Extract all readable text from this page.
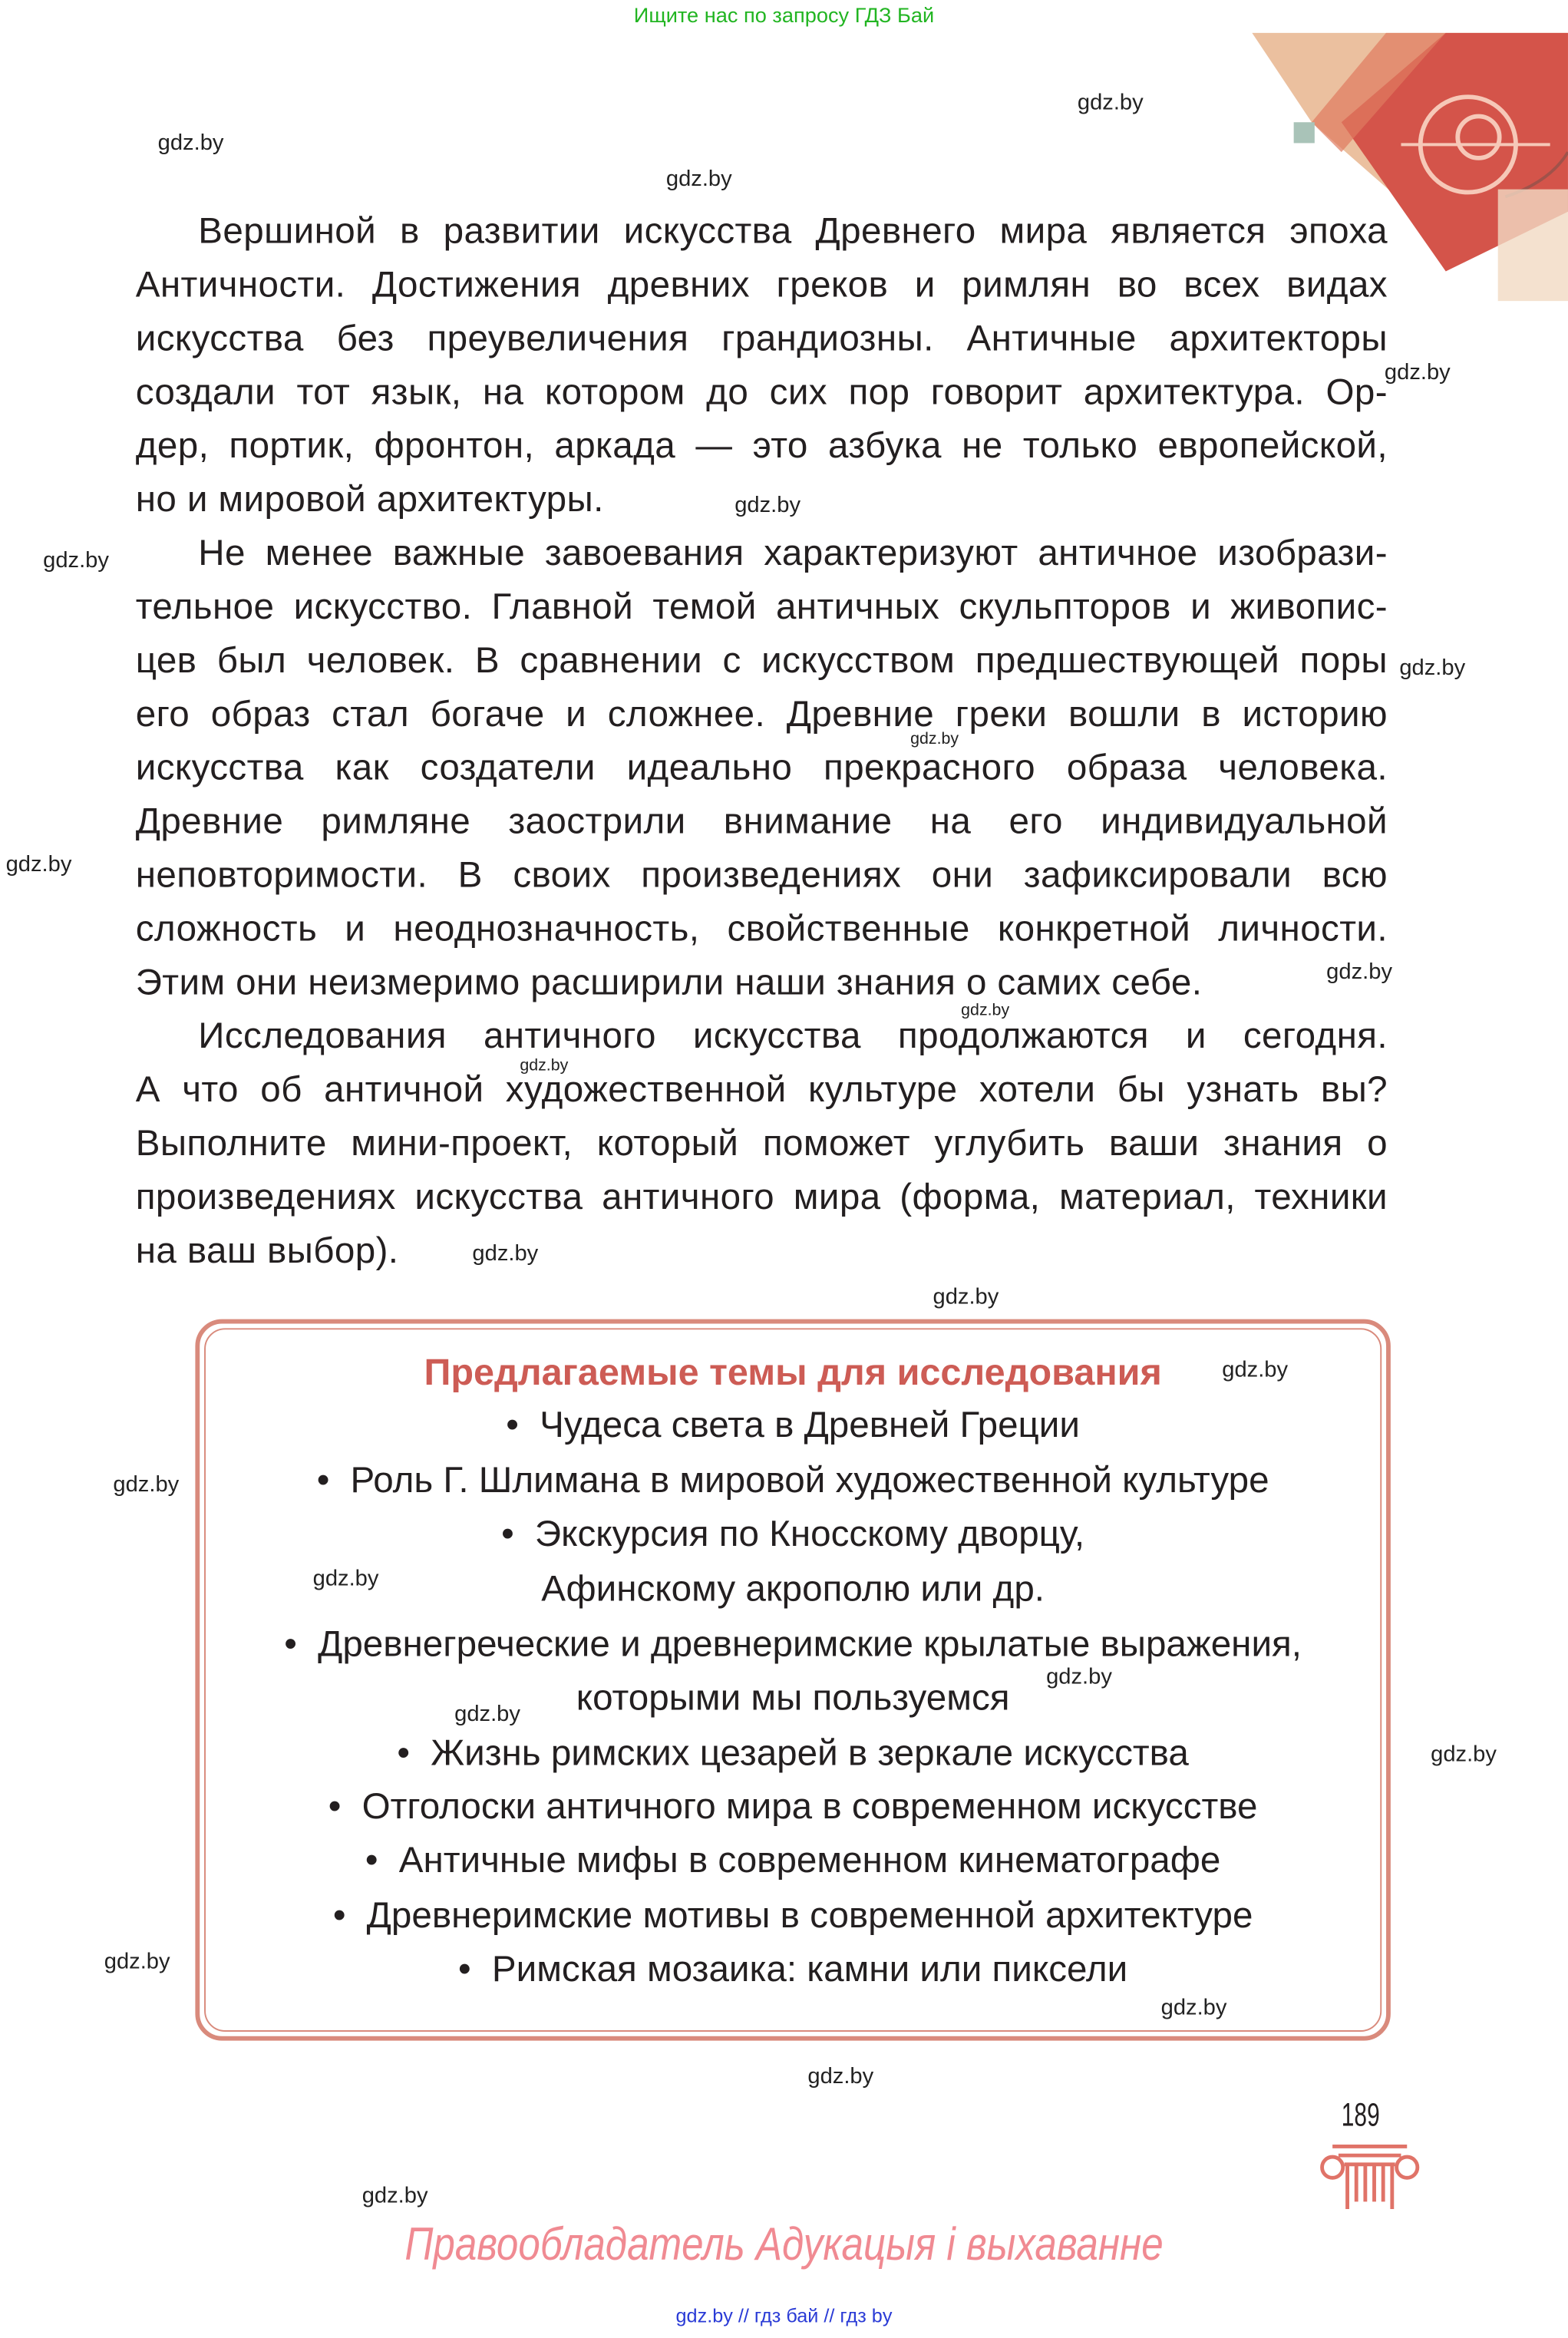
Ищите нас по запросу ГДЗ Бай
Вершиной в развитии искусства Древнего мира является эпоха
Античности. Достижения древних греков и римлян во всех видах
искусства без преувеличения грандиозны. Античные архитекторы
создали тот язык, на котором до сих пор говорит архитектура. Ор-
дер, портик, фронтон, аркада — это азбука не только европейской,
но и мировой архитектуры.
Не менее важные завоевания характеризуют античное изобрази-
тельное искусство. Главной темой античных скульпторов и живопис-
цев был человек. В сравнении с искусством предшествующей поры
его образ стал богаче и сложнее. Древние греки вошли в историю
искусства как создатели идеально прекрасного образа человека.
Древние римляне заострили внимание на его индивидуальной
неповторимости. В своих произведениях они зафиксировали всю
сложность и неоднозначность, свойственные конкретной личности.
Этим они неизмеримо расширили наши знания о самих себе.
Исследования античного искусства продолжаются и сегодня.
А что об античной художественной культуре хотели бы узнать вы?
Выполните мини-проект, который поможет углубить ваши знания о
произведениях искусства античного мира (форма, материал, техники
на ваш выбор).
Предлагаемые темы для исследования
• Чудеса света в Древней Греции
• Роль Г. Шлимана в мировой художественной культуре
• Экскурсия по Кносскому дворцу,
Афинскому акрополю или др.
• Древнегреческие и древнеримские крылатые выражения,
которыми мы пользуемся
• Жизнь римских цезарей в зеркале искусства
• Отголоски античного мира в современном искусстве
• Античные мифы в современном кинематографе
• Древнеримские мотивы в современной архитектуре
• Римская мозаика: камни или пиксели
189
Правообладатель Адукацыя і выхаванне
gdz.by // гдз бай // гдз by
gdz.by
gdz.by
gdz.by
gdz.by
gdz.by
gdz.by
gdz.by
gdz.by
gdz.by
gdz.by
gdz.by
gdz.by
gdz.by
gdz.by
gdz.by
gdz.by
gdz.by
gdz.by
gdz.by
gdz.by
gdz.by
gdz.by
gdz.by
gdz.by
